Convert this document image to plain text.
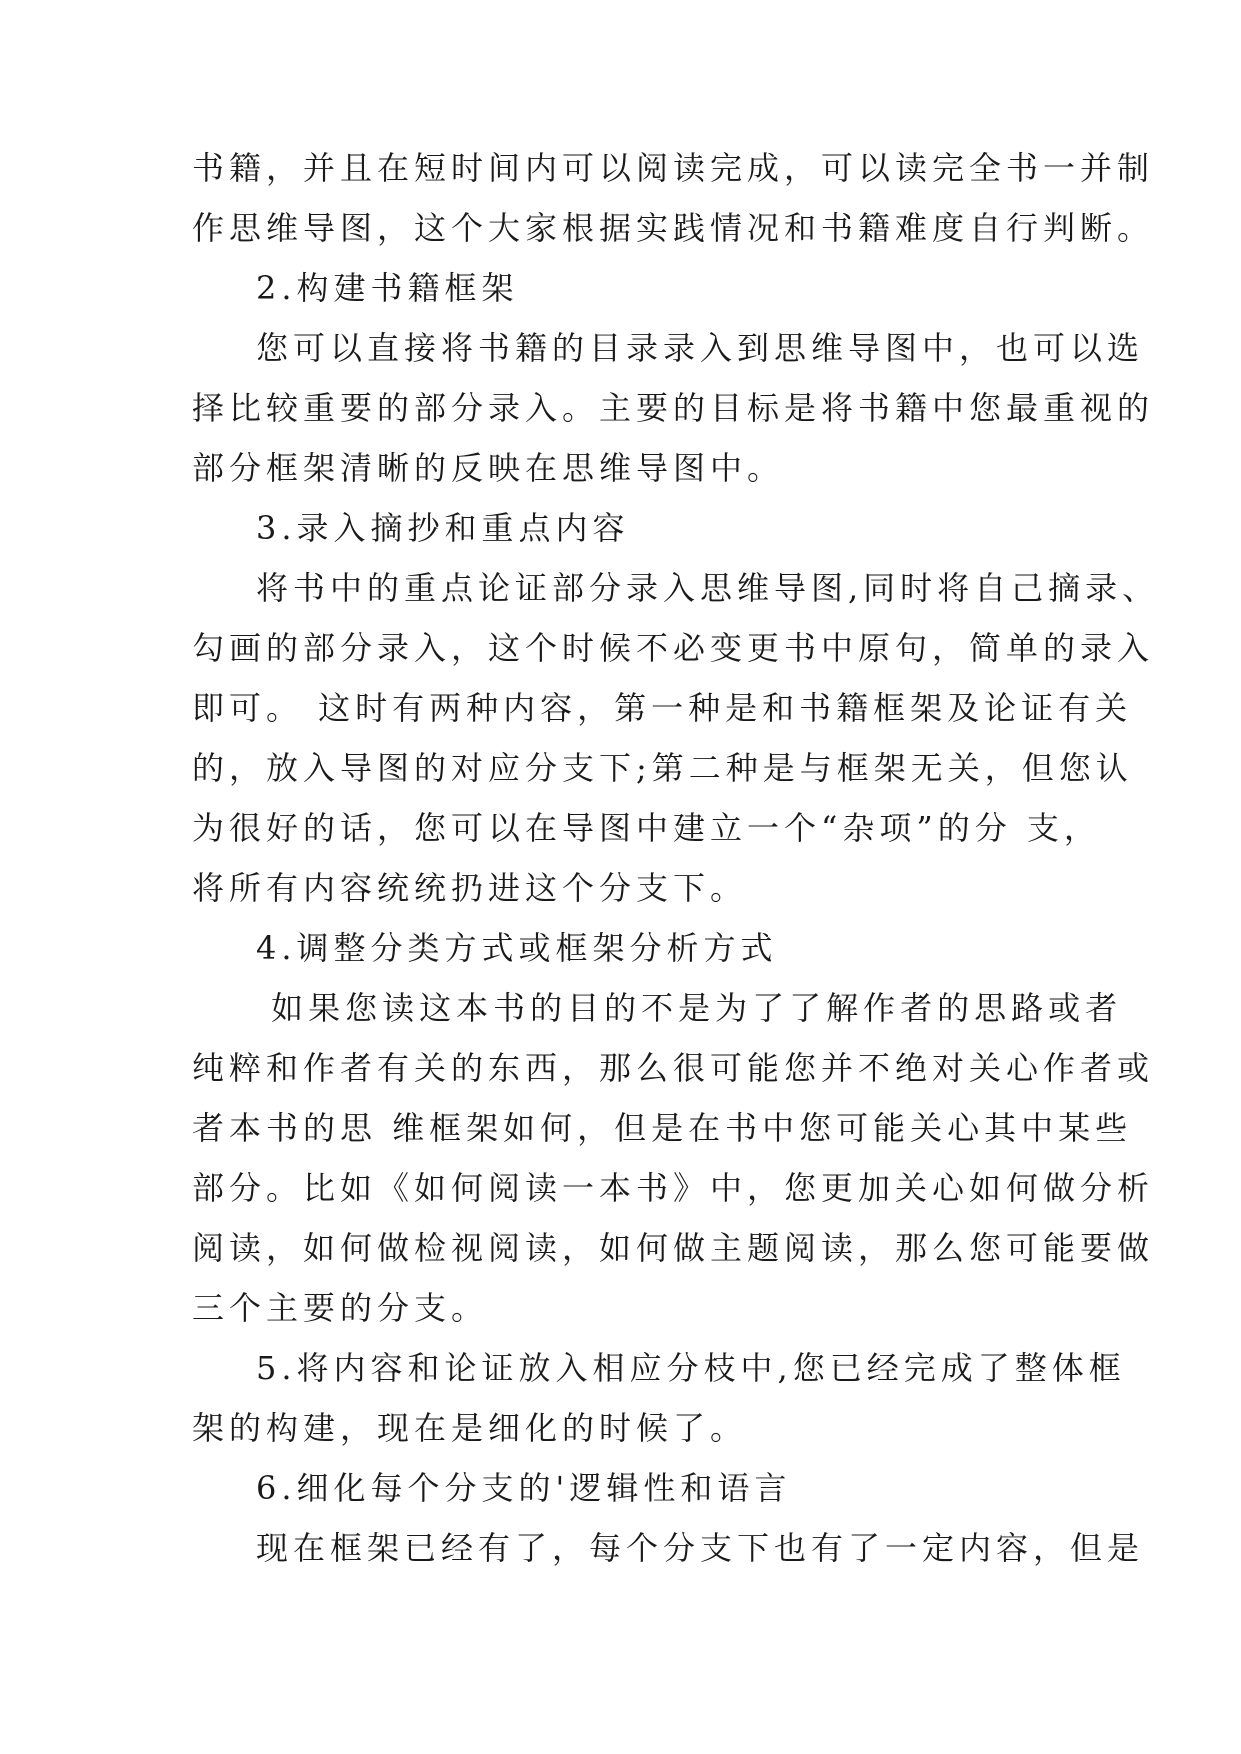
书籍，并且在短时间内可以阅读完成，可以读完全书一并制
作思维导图，这个大家根据实践情况和书籍难度自行判断。
2.构建书籍框架
您可以直接将书籍的目录录入到思维导图中，也可以选
择比较重要的部分录入。主要的目标是将书籍中您最重视的
部分框架清晰的反映在思维导图中。
3.录入摘抄和重点内容
将书中的重点论证部分录入思维导图,同时将自己摘录、
勾画的部分录入，这个时候不必变更书中原句，简单的录入
即可。 这时有两种内容，第一种是和书籍框架及论证有关
的，放入导图的对应分支下;第二种是与框架无关，但您认
为很好的话，您可以在导图中建立一个“杂项”的分 支，
将所有内容统统扔进这个分支下。
4.调整分类方式或框架分析方式
如果您读这本书的目的不是为了了解作者的思路或者
纯粹和作者有关的东西，那么很可能您并不绝对关心作者或
者本书的思 维框架如何，但是在书中您可能关心其中某些
部分。比如《如何阅读一本书》中，您更加关心如何做分析
阅读，如何做检视阅读，如何做主题阅读，那么您可能要做
三个主要的分支。
5.将内容和论证放入相应分枝中,您已经完成了整体框
架的构建，现在是细化的时候了。
6.细化每个分支的'逻辑性和语言
现在框架已经有了，每个分支下也有了一定内容，但是
